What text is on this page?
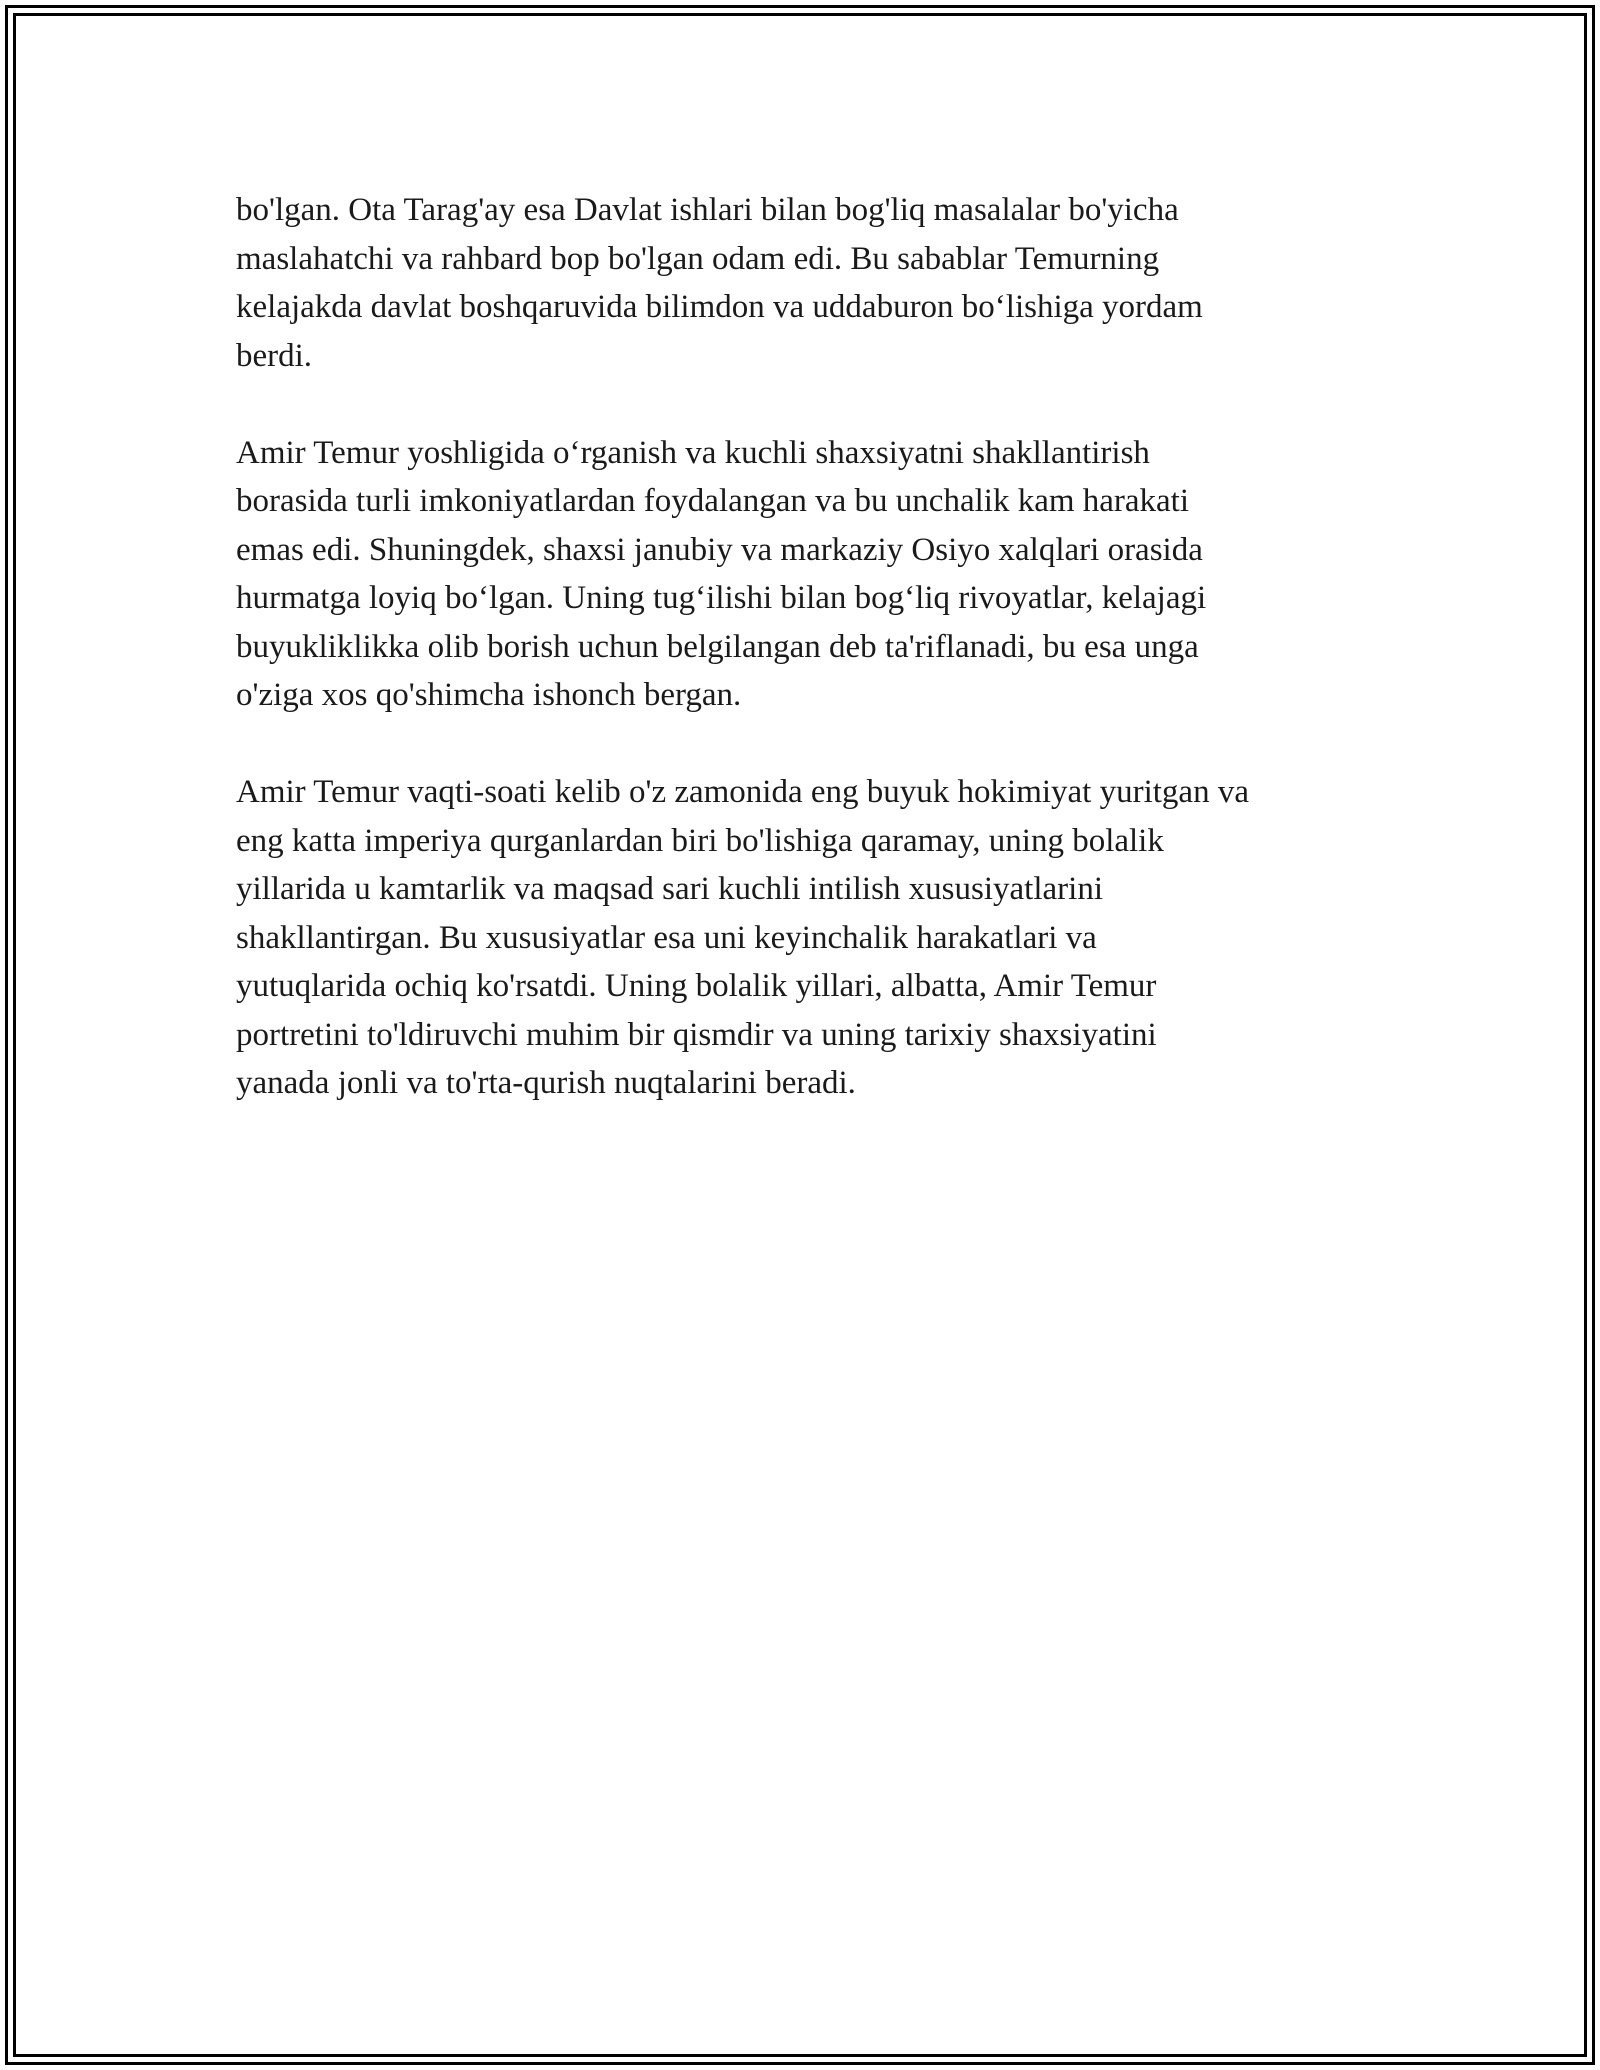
bo'lgan. Ota Tarag'ay esa Davlat ishlari bilan bog'liq masalalar bo'yicha
maslahatchi va rahbard bop bo'lgan odam edi. Bu sabablar Temurning
kelajakda davlat boshqaruvida bilimdon va uddaburon bo‘lishiga yordam
berdi.

Amir Temur yoshligida o‘rganish va kuchli shaxsiyatni shakllantirish
borasida turli imkoniyatlardan foydalangan va bu unchalik kam harakati
emas edi. Shuningdek, shaxsi janubiy va markaziy Osiyo xalqlari orasida
hurmatga loyiq bo‘lgan. Uning tug‘ilishi bilan bog‘liq rivoyatlar, kelajagi
buyukliklikka olib borish uchun belgilangan deb ta'riflanadi, bu esa unga
o'ziga xos qo'shimcha ishonch bergan.

Amir Temur vaqti-soati kelib o'z zamonida eng buyuk hokimiyat yuritgan va
eng katta imperiya qurganlardan biri bo'lishiga qaramay, uning bolalik
yillarida u kamtarlik va maqsad sari kuchli intilish xususiyatlarini
shakllantirgan. Bu xususiyatlar esa uni keyinchalik harakatlari va
yutuqlarida ochiq ko'rsatdi. Uning bolalik yillari, albatta, Amir Temur
portretini to'ldiruvchi muhim bir qismdir va uning tarixiy shaxsiyatini
yanada jonli va to'rta-qurish nuqtalarini beradi.
